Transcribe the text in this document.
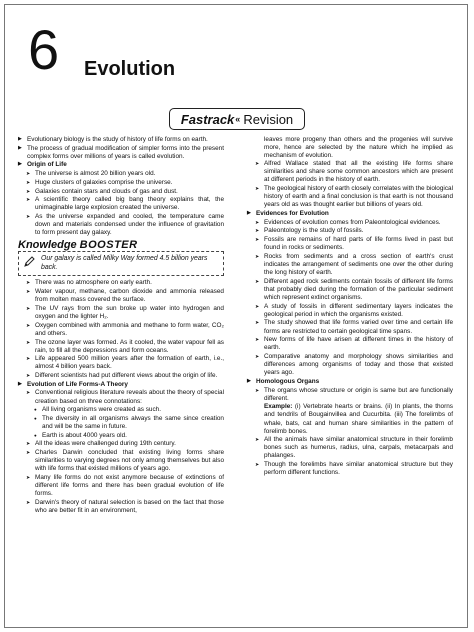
6 Evolution
Fastrack « Revision
▶ Evolutionary biology is the study of history of life forms on earth.
▶ The process of gradual modification of simpler forms into the present complex forms over millions of years is called evolution.
▶ Origin of Life
➤ The universe is almost 20 billion years old.
➤ Huge clusters of galaxies comprise the universe.
➤ Galaxies contain stars and clouds of gas and dust.
➤ A scientific theory called big bang theory explains that, the unimaginable large explosion created the universe.
➤ As the universe expanded and cooled, the temperature came down and materials condensed under the influence of gravitation to form present day galaxy.
Knowledge BOOSTER
Our galaxy is called Milky Way formed 4.5 billion years back.
➤ There was no atmosphere on early earth.
➤ Water vapour, methane, carbon dioxide and ammonia released from molten mass covered the surface.
➤ The UV rays from the sun broke up water into hydrogen and oxygen and the lighter H₂.
➤ Oxygen combined with ammonia and methane to form water, CO₂ and others.
➤ The ozone layer was formed. As it cooled, the water vapour fell as rain, to fill all the depressions and form oceans.
➤ Life appeared 500 million years after the formation of earth, i.e., almost 4 billion years back.
➤ Different scientists had put different views about the origin of life.
▶ Evolution of Life Forms-A Theory
➤ Conventional religious literature reveals about the theory of special creation based on three connotations:
● All living organisms were created as such.
● The diversity in all organisms always the same since creation and will be the same in future.
● Earth is about 4000 years old.
➤ All the ideas were challenged during 19th century.
➤ Charles Darwin concluded that existing living forms share similarities to varying degrees not only among themselves but also with life forms that existed millions of years ago.
➤ Many life forms do not exist anymore because of extinctions of different life forms and there has been gradual evolution of life forms.
➤ Darwin's theory of natural selection is based on the fact that those who are better fit in an environment,
leaves more progeny than others and the progenies will survive more, hence are selected by the nature which he implied as mechanism of evolution.
➤ Alfred Wallace stated that all the existing life forms share similarities and share some common ancestors which are present at different periods in the history of earth.
➤ The geological history of earth closely correlates with the biological history of earth and a final conclusion is that earth is not thousand years old as was thought earlier but billions of years old.
▶ Evidences for Evolution
➤ Evidences of evolution comes from Paleontological evidences.
➤ Paleontology is the study of fossils.
➤ Fossils are remains of hard parts of life forms lived in past but found in rocks or sediments.
➤ Rocks from sediments and a cross section of earth's crust indicates the arrangement of sediments one over the other during the long history of earth.
➤ Different aged rock sediments contain fossils of different life forms that probably died during the formation of the particular sediment which represent extinct organisms.
➤ A study of fossils in different sedimentary layers indicates the geological period in which the organisms existed.
➤ The study showed that life forms varied over time and certain life forms are restricted to certain geological time spans.
➤ New forms of life have arisen at different times in the history of earth.
➤ Comparative anatomy and morphology shows similarities and differences among organisms of today and those that existed years ago.
▶ Homologous Organs
➤ The organs whose structure or origin is same but are functionally different.
Example: (i) Vertebrate hearts or brains. (ii) In plants, the thorns and tendrils of Bougainvillea and Cucurbita. (iii) The forelimbs of whale, bats, cat and human share similarities in the pattern of forelimb bones.
➤ All the animals have similar anatomical structure in their forelimb bones such as humerus, radius, ulna, carpals, metacarpals and phalanges.
➤ Though the forelimbs have similar anatomical structure but they perform different functions.
